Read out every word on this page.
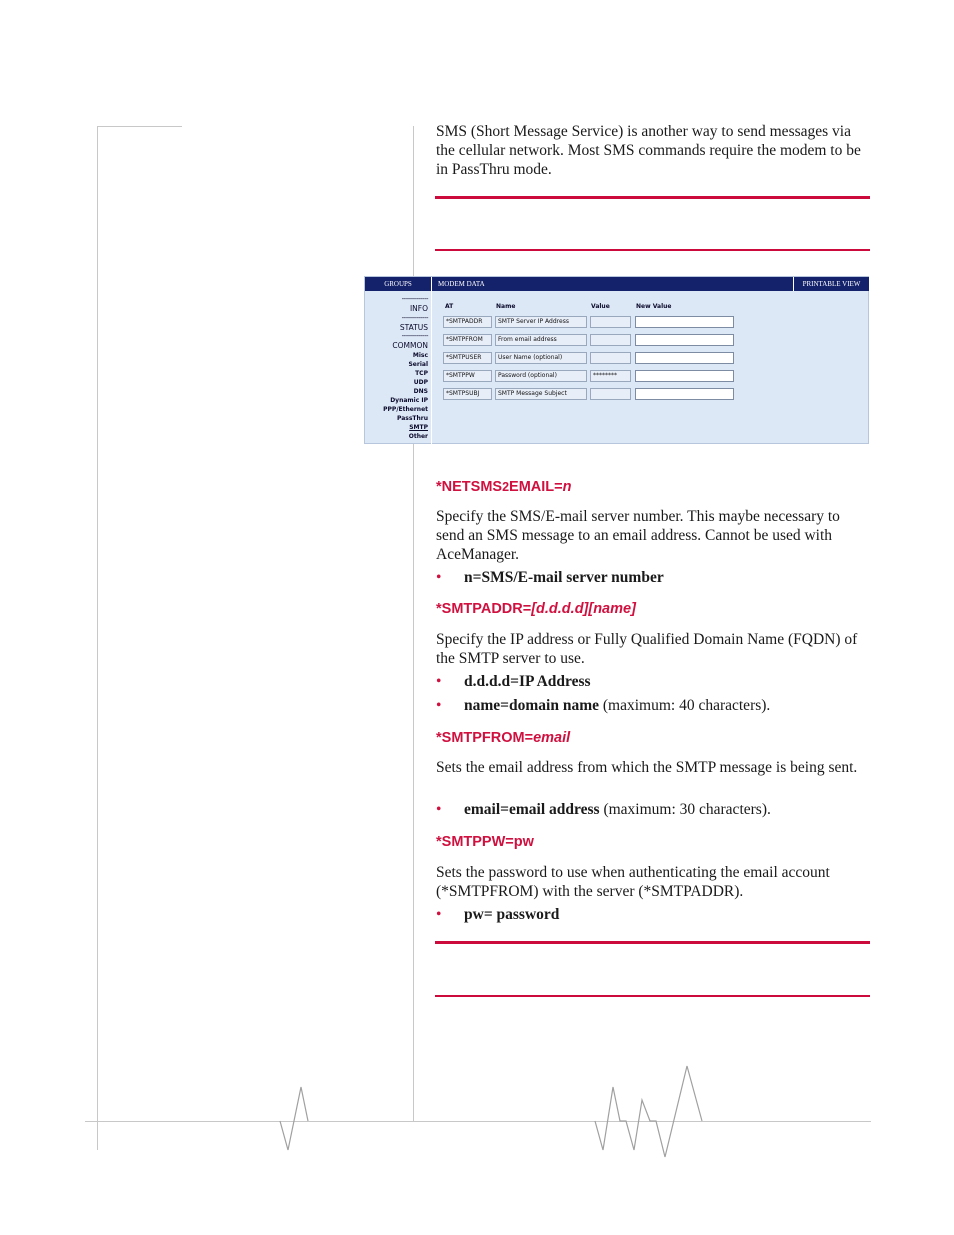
SMS (Short Message Service) is another way to send messages via the cellular network. Most SMS commands require the modem to be in PassThru mode.
GROUPS	MODEM DATA	PRINTABLE VIEW
-------------
INFO
-------------
STATUS
-------------
COMMON
Misc
Serial
TCP
UDP
DNS
Dynamic IP
PPP/Ethernet
PassThru
SMTP
Other
AT	Name	Value	New Value
*SMTPADDR	SMTP Server IP Address
*SMTPFROM	From email address
*SMTPUSER	User Name (optional)
*SMTPPW	Password (optional)	********
*SMTPSUBJ	SMTP Message Subject
*NETSMS2EMAIL=n
Specify the SMS/E-mail server number. This maybe necessary to send an SMS message to an email address. Cannot be used with AceManager.
• n=SMS/E-mail server number
*SMTPADDR=[d.d.d.d][name]
Specify the IP address or Fully Qualified Domain Name (FQDN) of the SMTP server to use.
• d.d.d.d=IP Address
• name=domain name (maximum: 40 characters).
*SMTPFROM=email
Sets the email address from which the SMTP message is being sent.
• email=email address (maximum: 30 characters).
*SMTPPW=pw
Sets the password to use when authenticating the email account (*SMTPFROM) with the server (*SMTPADDR).
• pw= password
